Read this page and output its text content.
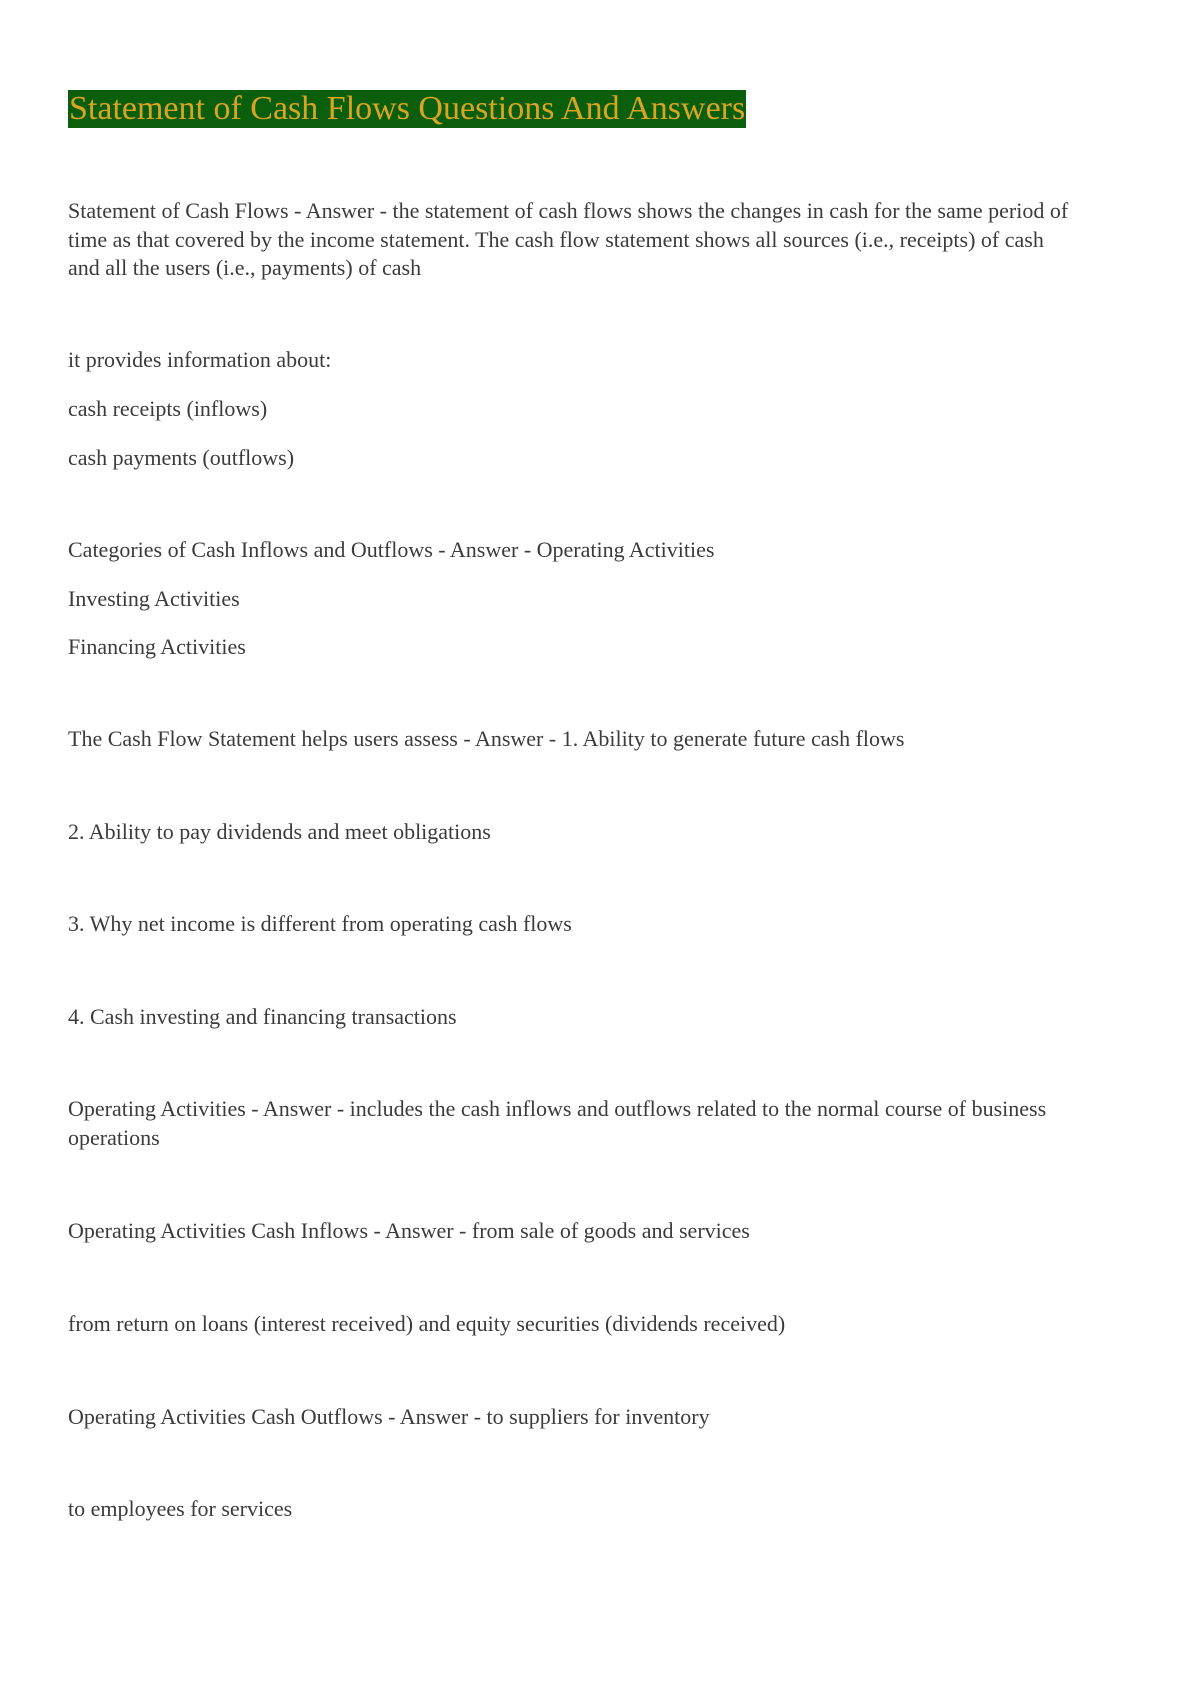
Statement of Cash Flows Questions And Answers

Statement of Cash Flows - Answer - the statement of cash flows shows the changes in cash for the same period of time as that covered by the income statement. The cash flow statement shows all sources (i.e., receipts) of cash and all the users (i.e., payments) of cash

it provides information about:

cash receipts (inflows)

cash payments (outflows)

Categories of Cash Inflows and Outflows - Answer - Operating Activities

Investing Activities

Financing Activities

The Cash Flow Statement helps users assess - Answer - 1. Ability to generate future cash flows

2. Ability to pay dividends and meet obligations

3. Why net income is different from operating cash flows

4. Cash investing and financing transactions

Operating Activities - Answer - includes the cash inflows and outflows related to the normal course of business operations

Operating Activities Cash Inflows - Answer - from sale of goods and services

from return on loans (interest received) and equity securities (dividends received)

Operating Activities Cash Outflows - Answer - to suppliers for inventory

to employees for services
